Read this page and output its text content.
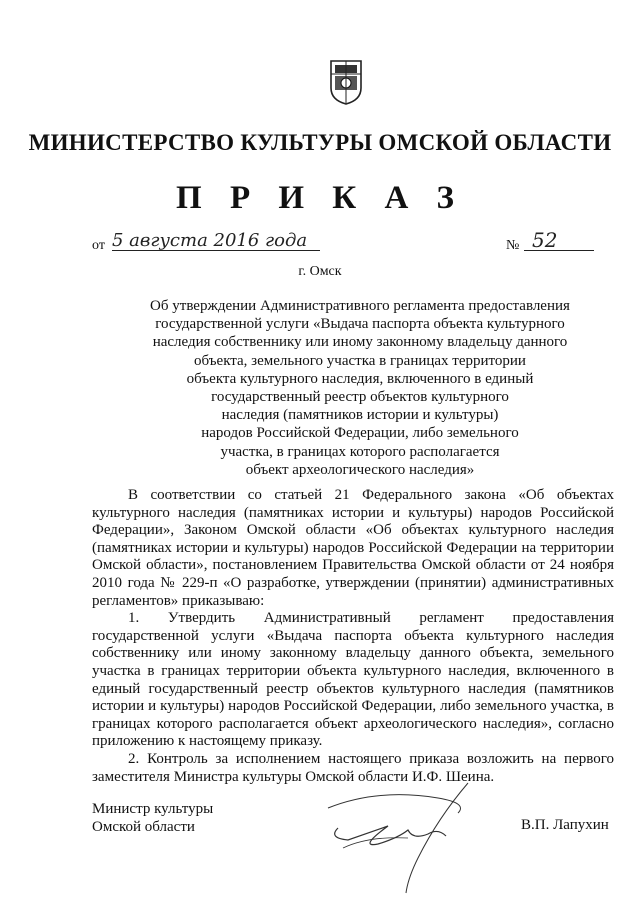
МИНИСТЕРСТВО КУЛЬТУРЫ ОМСКОЙ ОБЛАСТИ
П Р И К А З
от 5 августа 2016 года	№ 52
г. Омск
Об утверждении Административного регламента предоставления
государственной услуги «Выдача паспорта объекта культурного
наследия собственнику или иному законному владельцу данного
объекта, земельного участка в границах территории
объекта культурного наследия, включенного в единый
государственный реестр объектов культурного
наследия (памятников истории и культуры)
народов Российской Федерации, либо земельного
участка, в границах которого располагается
объект археологического наследия»

В соответствии со статьей 21 Федерального закона «Об объектах культурного наследия (памятниках истории и культуры) народов Российской Федерации», Законом Омской области «Об объектах культурного наследия (памятниках истории и культуры) народов Российской Федерации на территории Омской области», постановлением Правительства Омской области от 24 ноября 2010 года № 229-п «О разработке, утверждении (принятии) административных регламентов» приказываю:

1. Утвердить Административный регламент предоставления государственной услуги «Выдача паспорта объекта культурного наследия собственнику или иному законному владельцу данного объекта, земельного участка в границах территории объекта культурного наследия, включенного в единый государственный реестр объектов культурного наследия (памятников истории и культуры) народов Российской Федерации, либо земельного участка, в границах которого располагается объект археологического наследия», согласно приложению к настоящему приказу.

2. Контроль за исполнением настоящего приказа возложить на первого заместителя Министра культуры Омской области И.Ф. Шеина.

Министр культуры
Омской области	В.П. Лапухин
